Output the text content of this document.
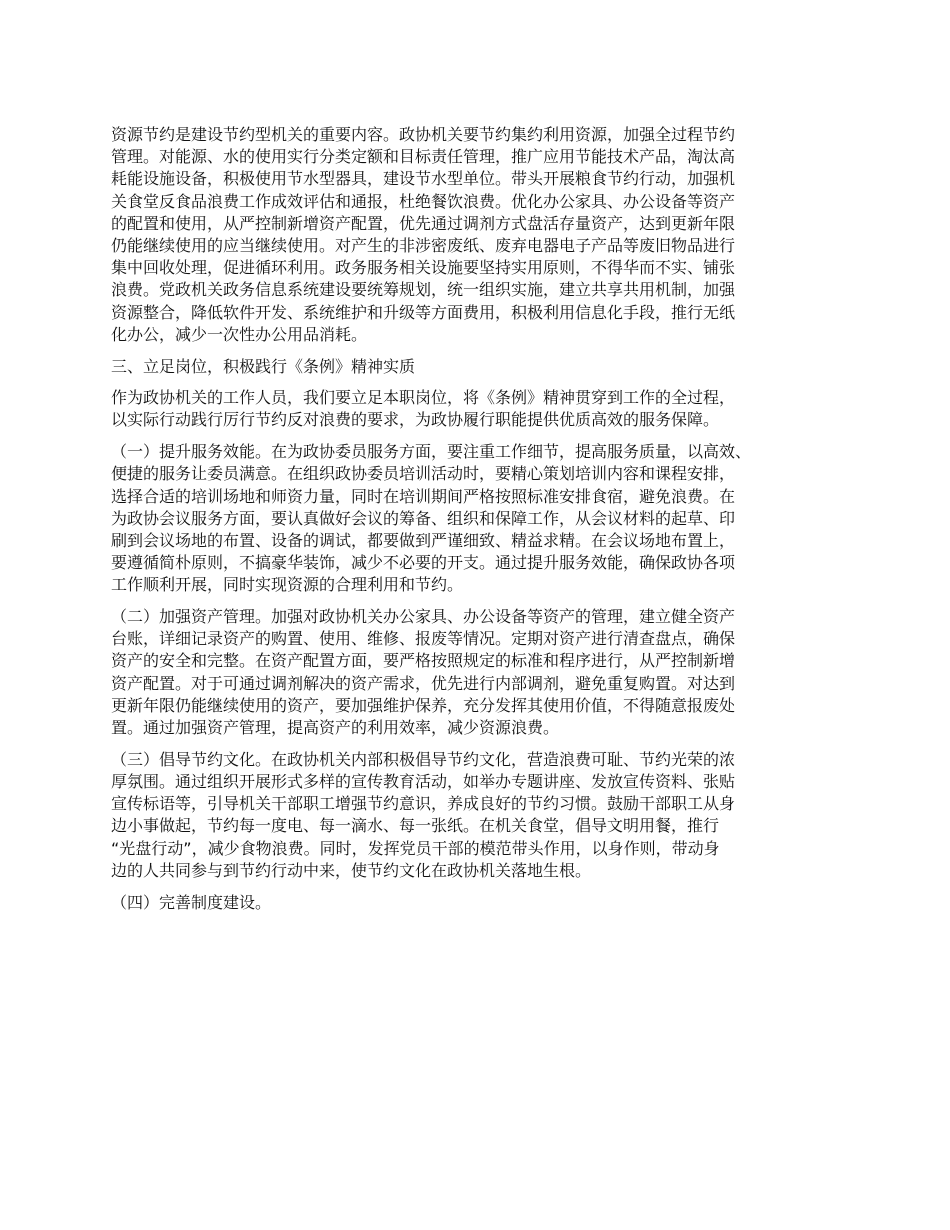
资源节约是建设节约型机关的重要内容。政协机关要节约集约利用资源，加强全过程节约
管理。对能源、水的使用实行分类定额和目标责任管理，推广应用节能技术产品，淘汰高
耗能设施设备，积极使用节水型器具，建设节水型单位。带头开展粮食节约行动，加强机
关食堂反食品浪费工作成效评估和通报，杜绝餐饮浪费。优化办公家具、办公设备等资产
的配置和使用，从严控制新增资产配置，优先通过调剂方式盘活存量资产，达到更新年限
仍能继续使用的应当继续使用。对产生的非涉密废纸、废弃电器电子产品等废旧物品进行
集中回收处理，促进循环利用。政务服务相关设施要坚持实用原则，不得华而不实、铺张
浪费。党政机关政务信息系统建设要统筹规划，统一组织实施，建立共享共用机制，加强
资源整合，降低软件开发、系统维护和升级等方面费用，积极利用信息化手段，推行无纸
化办公，减少一次性办公用品消耗。

三、立足岗位，积极践行《条例》精神实质

作为政协机关的工作人员，我们要立足本职岗位，将《条例》精神贯穿到工作的全过程，
以实际行动践行厉行节约反对浪费的要求，为政协履行职能提供优质高效的服务保障。

（一）提升服务效能。在为政协委员服务方面，要注重工作细节，提高服务质量，以高效、
便捷的服务让委员满意。在组织政协委员培训活动时，要精心策划培训内容和课程安排，
选择合适的培训场地和师资力量，同时在培训期间严格按照标准安排食宿，避免浪费。在
为政协会议服务方面，要认真做好会议的筹备、组织和保障工作，从会议材料的起草、印
刷到会议场地的布置、设备的调试，都要做到严谨细致、精益求精。在会议场地布置上，
要遵循简朴原则，不搞豪华装饰，减少不必要的开支。通过提升服务效能，确保政协各项
工作顺利开展，同时实现资源的合理利用和节约。

（二）加强资产管理。加强对政协机关办公家具、办公设备等资产的管理，建立健全资产
台账，详细记录资产的购置、使用、维修、报废等情况。定期对资产进行清查盘点，确保
资产的安全和完整。在资产配置方面，要严格按照规定的标准和程序进行，从严控制新增
资产配置。对于可通过调剂解决的资产需求，优先进行内部调剂，避免重复购置。对达到
更新年限仍能继续使用的资产，要加强维护保养，充分发挥其使用价值，不得随意报废处
置。通过加强资产管理，提高资产的利用效率，减少资源浪费。

（三）倡导节约文化。在政协机关内部积极倡导节约文化，营造浪费可耻、节约光荣的浓
厚氛围。通过组织开展形式多样的宣传教育活动，如举办专题讲座、发放宣传资料、张贴
宣传标语等，引导机关干部职工增强节约意识，养成良好的节约习惯。鼓励干部职工从身
边小事做起，节约每一度电、每一滴水、每一张纸。在机关食堂，倡导文明用餐，推行
“光盘行动”，减少食物浪费。同时，发挥党员干部的模范带头作用，以身作则，带动身
边的人共同参与到节约行动中来，使节约文化在政协机关落地生根。

（四）完善制度建设。
